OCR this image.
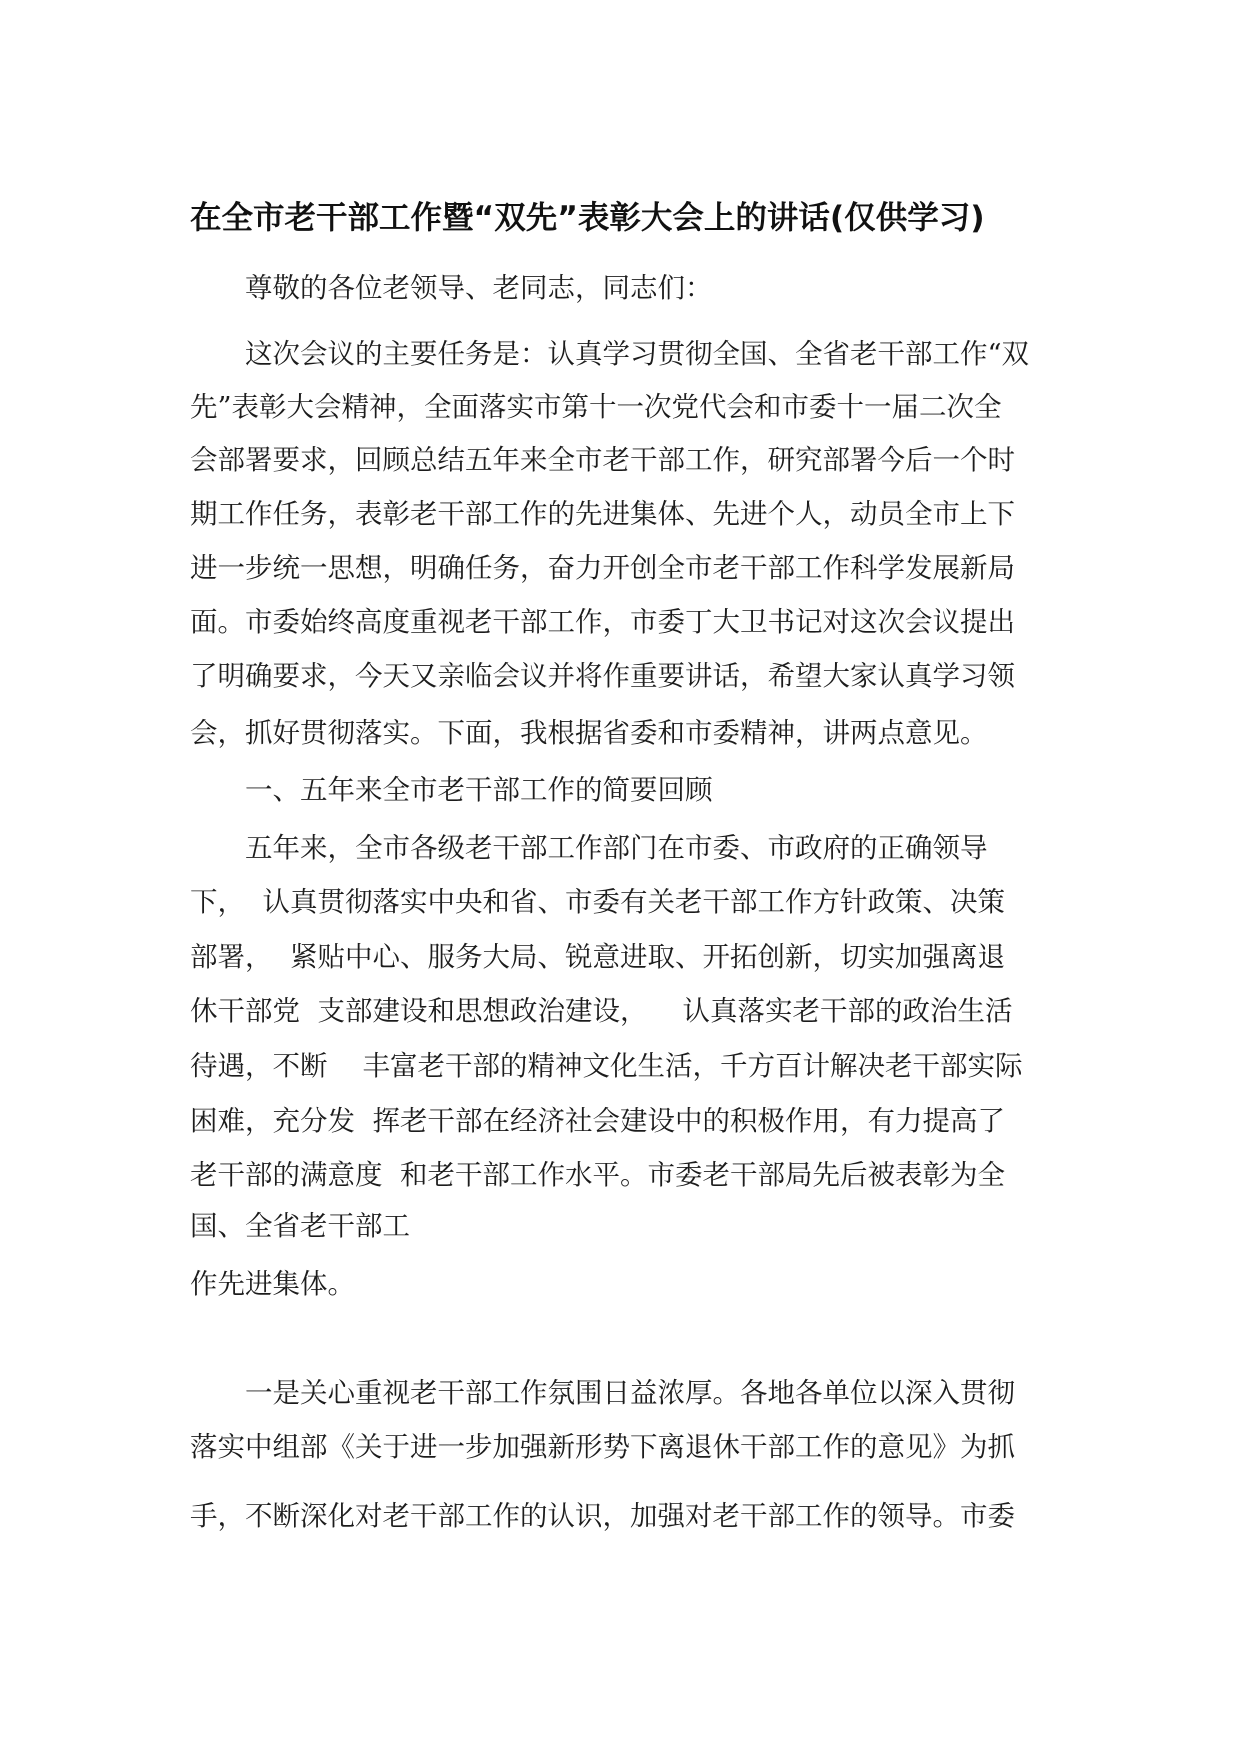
在全市老干部工作暨“双先”表彰大会上的讲话(仅供学习)
　　尊敬的各位老领导、老同志，同志们：
　　这次会议的主要任务是：认真学习贯彻全国、全省老干部工作“双
先”表彰大会精神，全面落实市第十一次党代会和市委十一届二次全
会部署要求，回顾总结五年来全市老干部工作，研究部署今后一个时
期工作任务，表彰老干部工作的先进集体、先进个人，动员全市上下
进一步统一思想，明确任务，奋力开创全市老干部工作科学发展新局
面。市委始终高度重视老干部工作，市委丁大卫书记对这次会议提出
了明确要求，今天又亲临会议并将作重要讲话，希望大家认真学习领
会，抓好贯彻落实。下面，我根据省委和市委精神，讲两点意见。
　　一、五年来全市老干部工作的简要回顾
　　五年来，全市各级老干部工作部门在市委、市政府的正确领导
下，  认真贯彻落实中央和省、市委有关老干部工作方针政策、决策
部署，  紧贴中心、服务大局、锐意进取、开拓创新，切实加强离退
休干部党  支部建设和思想政治建设，    认真落实老干部的政治生活
待遇，不断    丰富老干部的精神文化生活，千方百计解决老干部实际
困难，充分发  挥老干部在经济社会建设中的积极作用，有力提高了
老干部的满意度  和老干部工作水平。市委老干部局先后被表彰为全
国、全省老干部工
作先进集体。
　　一是关心重视老干部工作氛围日益浓厚。各地各单位以深入贯彻
落实中组部《关于进一步加强新形势下离退休干部工作的意见》为抓
手，不断深化对老干部工作的认识，加强对老干部工作的领导。市委
